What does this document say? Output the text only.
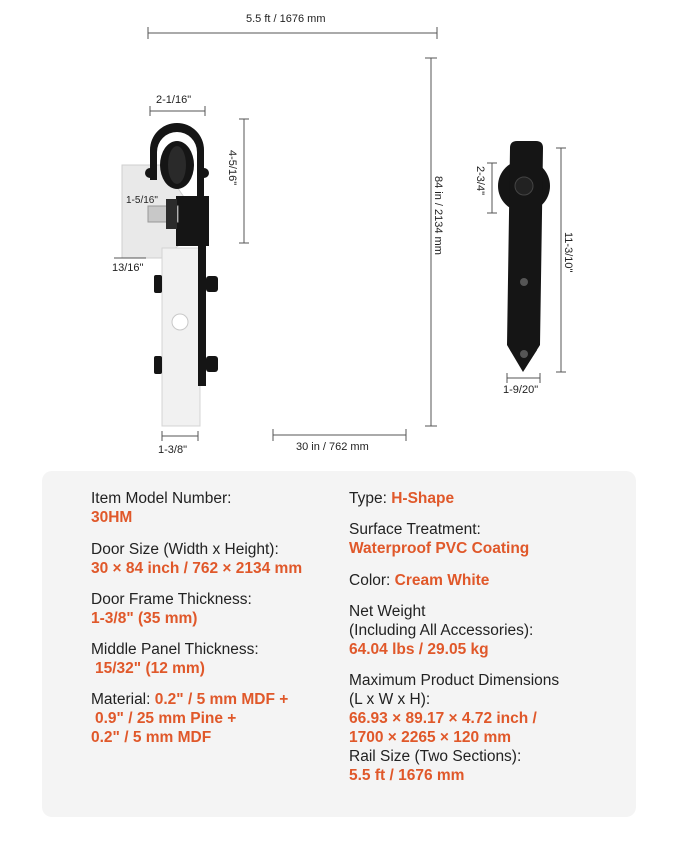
5.5 ft / 1676 mm
2-1/16"
4-5/16"
1-5/16"
13/16"
1-3/8"
84 in / 2134 mm
30 in / 762 mm
2-3/4"
11-3/10"
1-9/20"
Item Model Number:
30HM
Door Size (Width x Height):
30 × 84 inch / 762 × 2134 mm
Door Frame Thickness:
1-3/8" (35 mm)
Middle Panel Thickness:
15/32" (12 mm)
Material: 0.2" / 5 mm MDF +
0.9" / 25 mm Pine +
0.2" / 5 mm MDF
Type: H-Shape
Surface Treatment:
Waterproof PVC Coating
Color: Cream White
Net Weight
(Including All Accessories):
64.04 lbs / 29.05 kg
Maximum Product Dimensions
(L x W x H):
66.93 × 89.17 × 4.72 inch /
1700 × 2265 × 120 mm
Rail Size (Two Sections):
5.5 ft / 1676 mm
